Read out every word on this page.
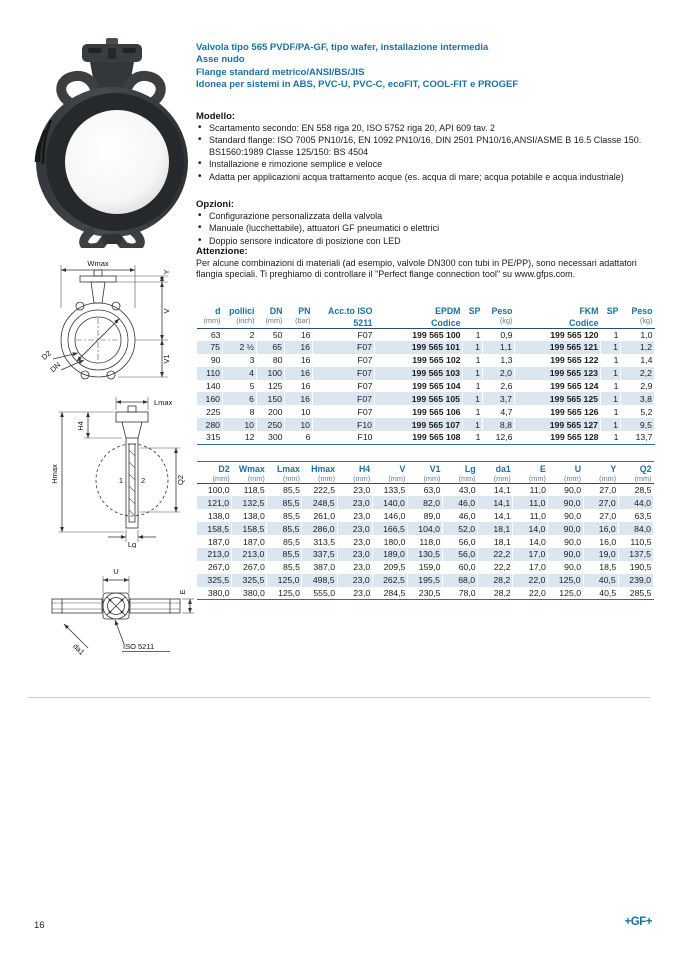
Valvola tipo 565 PVDF/PA-GF, tipo wafer, installazione intermedia
Asse nudo
Flange standard metrico/ANSI/BS/JIS
Idonea per sistemi in ABS, PVC-U, PVC-C, ecoFIT, COOL-FIT e PROGEF
Modello:
• Scartamento secondo: EN 558 riga 20, ISO 5752 riga 20, API 609 tav. 2
• Standard flange: ISO 7005 PN10/16, EN 1092 PN10/16, DIN 2501 PN10/16,ANSI/ASME B 16.5 Classe 150. BS1560:1989 Classe 125/150: BS 4504
• Installazione e rimozione semplice e veloce
• Adatta per applicazioni acqua trattamento acque (es. acqua di mare; acqua potabile e acqua industriale)
Opzioni:
• Configurazione personalizzata della valvola
• Manuale (lucchettabile), attuatori GF pneumatici o elettrici
• Doppio sensore indicatore di posizione con LED
Attenzione:
Per alcune combinazioni di materiali (ad esempio, valvole DN300 con tubi in PE/PP), sono necessari adattatori flangia speciali. Ti preghiamo di controllare il "Perfect flange connection tool" su www.gfps.com.
d	pollici	DN	PN	Acc.to ISO	EPDM	SP	Peso	FKM	SP	Peso
(mm)	(inch)	(mm)	(bar)	5211	Codice		(kg)	Codice		(kg)
63	2	50	16	F07	199 565 100	1	0,9	199 565 120	1	1,0
75	2 ½	65	16	F07	199 565 101	1	1,1	199 565 121	1	1,2
90	3	80	16	F07	199 565 102	1	1,3	199 565 122	1	1,4
110	4	100	16	F07	199 565 103	1	2,0	199 565 123	1	2,2
140	5	125	16	F07	199 565 104	1	2,6	199 565 124	1	2,9
160	6	150	16	F07	199 565 105	1	3,7	199 565 125	1	3,8
225	8	200	10	F07	199 565 106	1	4,7	199 565 126	1	5,2
280	10	250	10	F10	199 565 107	1	8,8	199 565 127	1	9,5
315	12	300	6	F10	199 565 108	1	12,6	199 565 128	1	13,7
D2	Wmax	Lmax	Hmax	H4	V	V1	Lg	da1	E	U	Y	Q2
(mm)	(mm)	(mm)	(mm)	(mm)	(mm)	(mm)	(mm)	(mm)	(mm)	(mm)	(mm)	(mm)
100,0	118,5	85,5	222,5	23,0	133,5	63,0	43,0	14,1	11,0	90,0	27,0	28,5
121,0	132,5	85,5	248,5	23,0	140,0	82,0	46,0	14,1	11,0	90,0	27,0	44,0
138,0	138,0	85,5	261,0	23,0	146,0	89,0	46,0	14,1	11,0	90,0	27,0	63,5
158,5	158,5	85,5	286,0	23,0	166,5	104,0	52,0	18,1	14,0	90,0	16,0	84,0
187,0	187,0	85,5	313,5	23,0	180,0	118,0	56,0	18,1	14,0	90,0	16,0	110,5
213,0	213,0	85,5	337,5	23,0	189,0	130,5	56,0	22,2	17,0	90,0	19,0	137,5
267,0	267,0	85,5	387,0	23,0	209,5	159,0	60,0	22,2	17,0	90,0	18,5	190,5
325,5	325,5	125,0	498,5	23,0	262,5	195,5	68,0	28,2	22,0	125,0	40,5	239,0
380,0	380,0	125,0	555,0	23,0	284,5	230,5	78,0	28,2	22,0	125,0	40,5	285,5
Wmax
Y
V
V1
D2
DN
Lmax
1 2
Hmax
H4
Q2
Lg
U
E
da1	ISO 5211
16	+GF+
